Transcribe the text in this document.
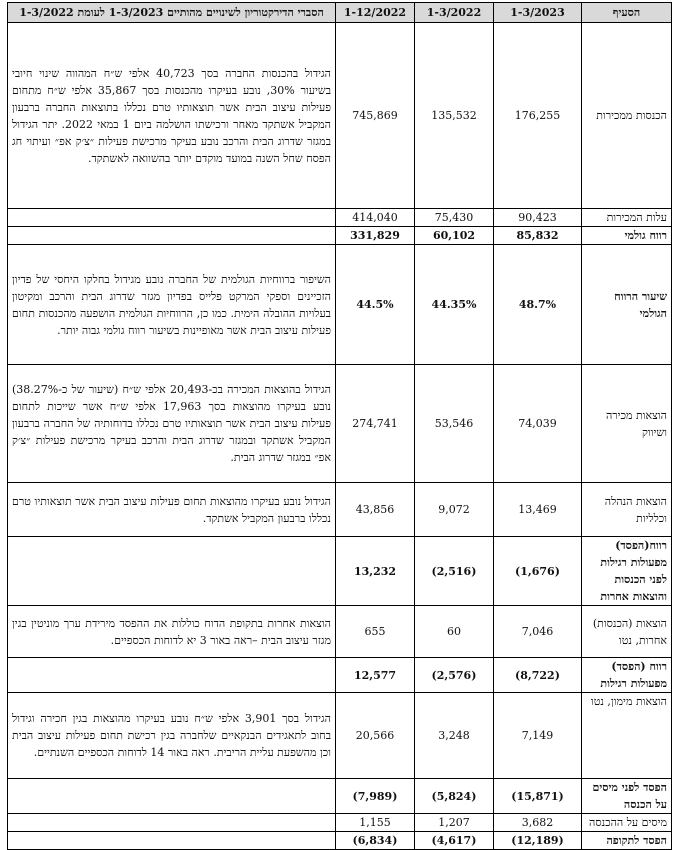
הסעיף	1-3/2023	1-3/2022	1-12/2022	הסברי הדירקטוריון לשינויים מהותיים 1-3/2023 לעומת 1-3/2022
הכנסות ממכירות	176,255	135,532	745,869	הגידול בהכנסות החברה בסך 40,723 אלפי ש״ח המהווה שינוי חיובי בשיעור 30%, נובע בעיקרו מהכנסות בסך 35,867 אלפי ש״ח מתחום פעילות עיצוב הבית אשר תוצאותיו טרם נכללו בתוצאות החברה ברבעון המקביל אשתקד מאחר ורכישתו הושלמה ביום 1 במאי 2022. יתר הגידול במגזר שדרוג הבית והרכב נובע בעיקר מרכישת פעילות ״צ׳ק אפ״ ועיתוי חג הפסח שחל השנה במועד מוקדם יותר בהשוואה לאשתקד.
עלות המכירות	90,423	75,430	414,040	
רווח גולמי	85,832	60,102	331,829	
שיעור הרווח הגולמי	48.7%	44.35%	44.5%	השיפור ברווחיות הגולמית של החברה נובע מגידול בחלקו היחסי של פדיון הזכיינים וספקי המרקט פלייס בפדיון מגזר שדרוג הבית והרכב ומקיטון בעלויות ההובלה הימית. כמו כן, הרווחיות הגולמית הושפעה מהכנסות תחום פעילות עיצוב הבית אשר מאופיינות בשיעור רווח גולמי גבוה יותר.
הוצאות מכירה ושיווק	74,039	53,546	274,741	הגידול בהוצאות המכירה בכ-20,493 אלפי ש״ח (שיעור של כ-38.27%) נובע בעיקרו מהוצאות בסך 17,963 אלפי ש״ח אשר שייכות לתחום פעילות עיצוב הבית אשר תוצאותיו טרם נכללו בדוחותיה של החברה ברבעון המקביל אשתקד ובמגזר שדרוג הבית והרכב בעיקר מרכישת פעילות ״צ׳ק אפ״ במגזר שדרוג הבית.
הוצאות הנהלה וכלליות	13,469	9,072	43,856	הגידול נובע בעיקרו מהוצאות תחום פעילות עיצוב הבית אשר תוצאותיו טרם נכללו ברבעון המקביל אשתקד.
רווח(הפסד) מפעולות רגילות לפני הכנסות והוצאות אחרות	(1,676)	(2,516)	13,232	
הוצאות (הכנסות) אחרות, נטו	7,046	60	655	הוצאות אחרות בתקופת הדוח כוללות את ההפסד מירידת ערך מוניטין בגין מגזר עיצוב הבית –ראה באור 3 יא לדוחות הכספיים.
רווח (הפסד) מפעולות רגילות	(8,722)	(2,576)	12,577	
הוצאות מימון, נטו	7,149	3,248	20,566	הגידול בסך 3,901 אלפי ש״ח נובע בעיקרו מהוצאות בגין חכירה וגידול בחוב לתאגידים הבנקאיים שלחברה בגין רכישת תחום פעילות עיצוב הבית וכן מהשפעת עליית הריבית. ראה באור 14 לדוחות הכספיים השנתיים.
הפסד לפני מיסים על הכנסה	(15,871)	(5,824)	(7,989)	
מיסים על ההכנסה	3,682	1,207	1,155	
הפסד לתקופה	(12,189)	(4,617)	(6,834)	
